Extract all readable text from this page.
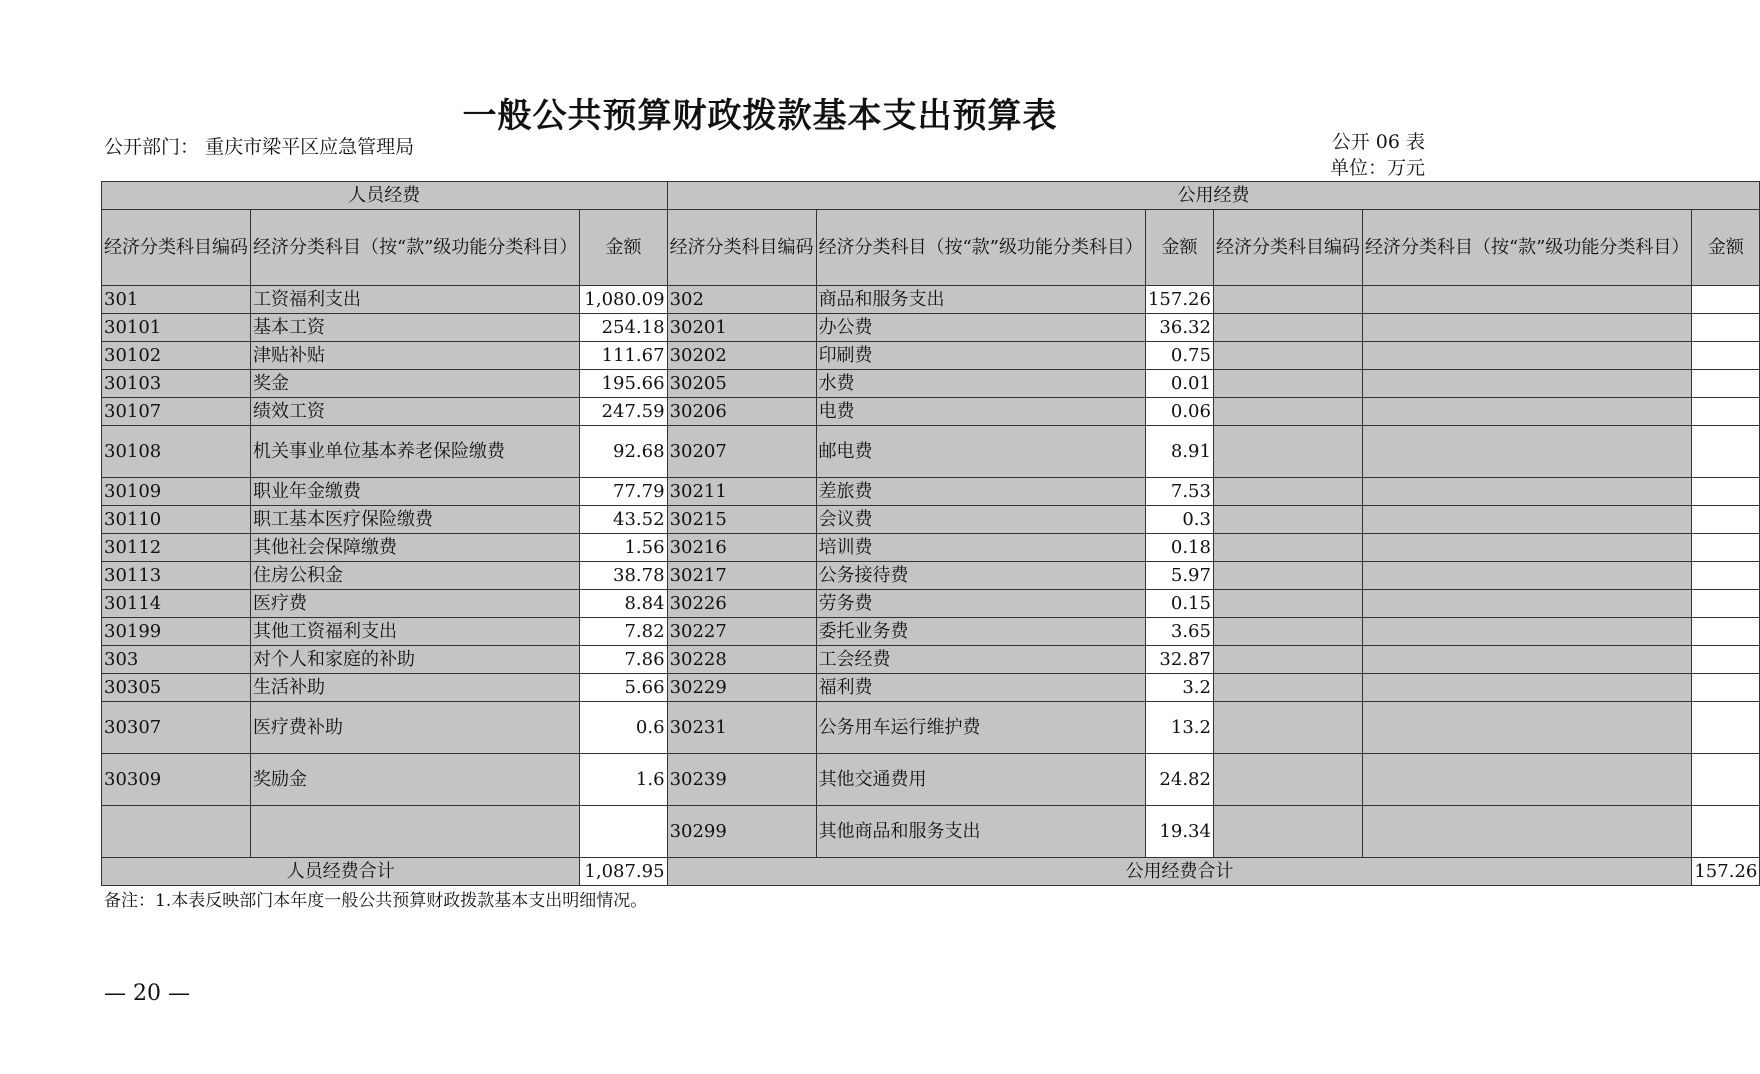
一般公共预算财政拨款基本支出预算表
公开部门： 重庆市梁平区应急管理局	公开 06 表
单位：万元
人员经费			公用经费					
经济分类科目编码	经济分类科目（按“款”级功能分类科目）	金额	经济分类科目编码	经济分类科目（按“款”级功能分类科目）	金额	经济分类科目编码	经济分类科目（按“款”级功能分类科目）	金额
301	工资福利支出	1,080.09	302	商品和服务支出	157.26			
30101	基本工资	254.18	30201	办公费	36.32			
30102	津贴补贴	111.67	30202	印刷费	0.75			
30103	奖金	195.66	30205	水费	0.01			
30107	绩效工资	247.59	30206	电费	0.06			
30108	机关事业单位基本养老保险缴费	92.68	30207	邮电费	8.91			
30109	职业年金缴费	77.79	30211	差旅费	7.53			
30110	职工基本医疗保险缴费	43.52	30215	会议费	0.3			
30112	其他社会保障缴费	1.56	30216	培训费	0.18			
30113	住房公积金	38.78	30217	公务接待费	5.97			
30114	医疗费	8.84	30226	劳务费	0.15			
30199	其他工资福利支出	7.82	30227	委托业务费	3.65			
303	对个人和家庭的补助	7.86	30228	工会经费	32.87			
30305	生活补助	5.66	30229	福利费	3.2			
30307	医疗费补助	0.6	30231	公务用车运行维护费	13.2			
30309	奖励金	1.6	30239	其他交通费用	24.82			
			30299	其他商品和服务支出	19.34			
人员经费合计		1,087.95	公用经费合计					157.26
备注：1.本表反映部门本年度一般公共预算财政拨款基本支出明细情况。
— 20 —
